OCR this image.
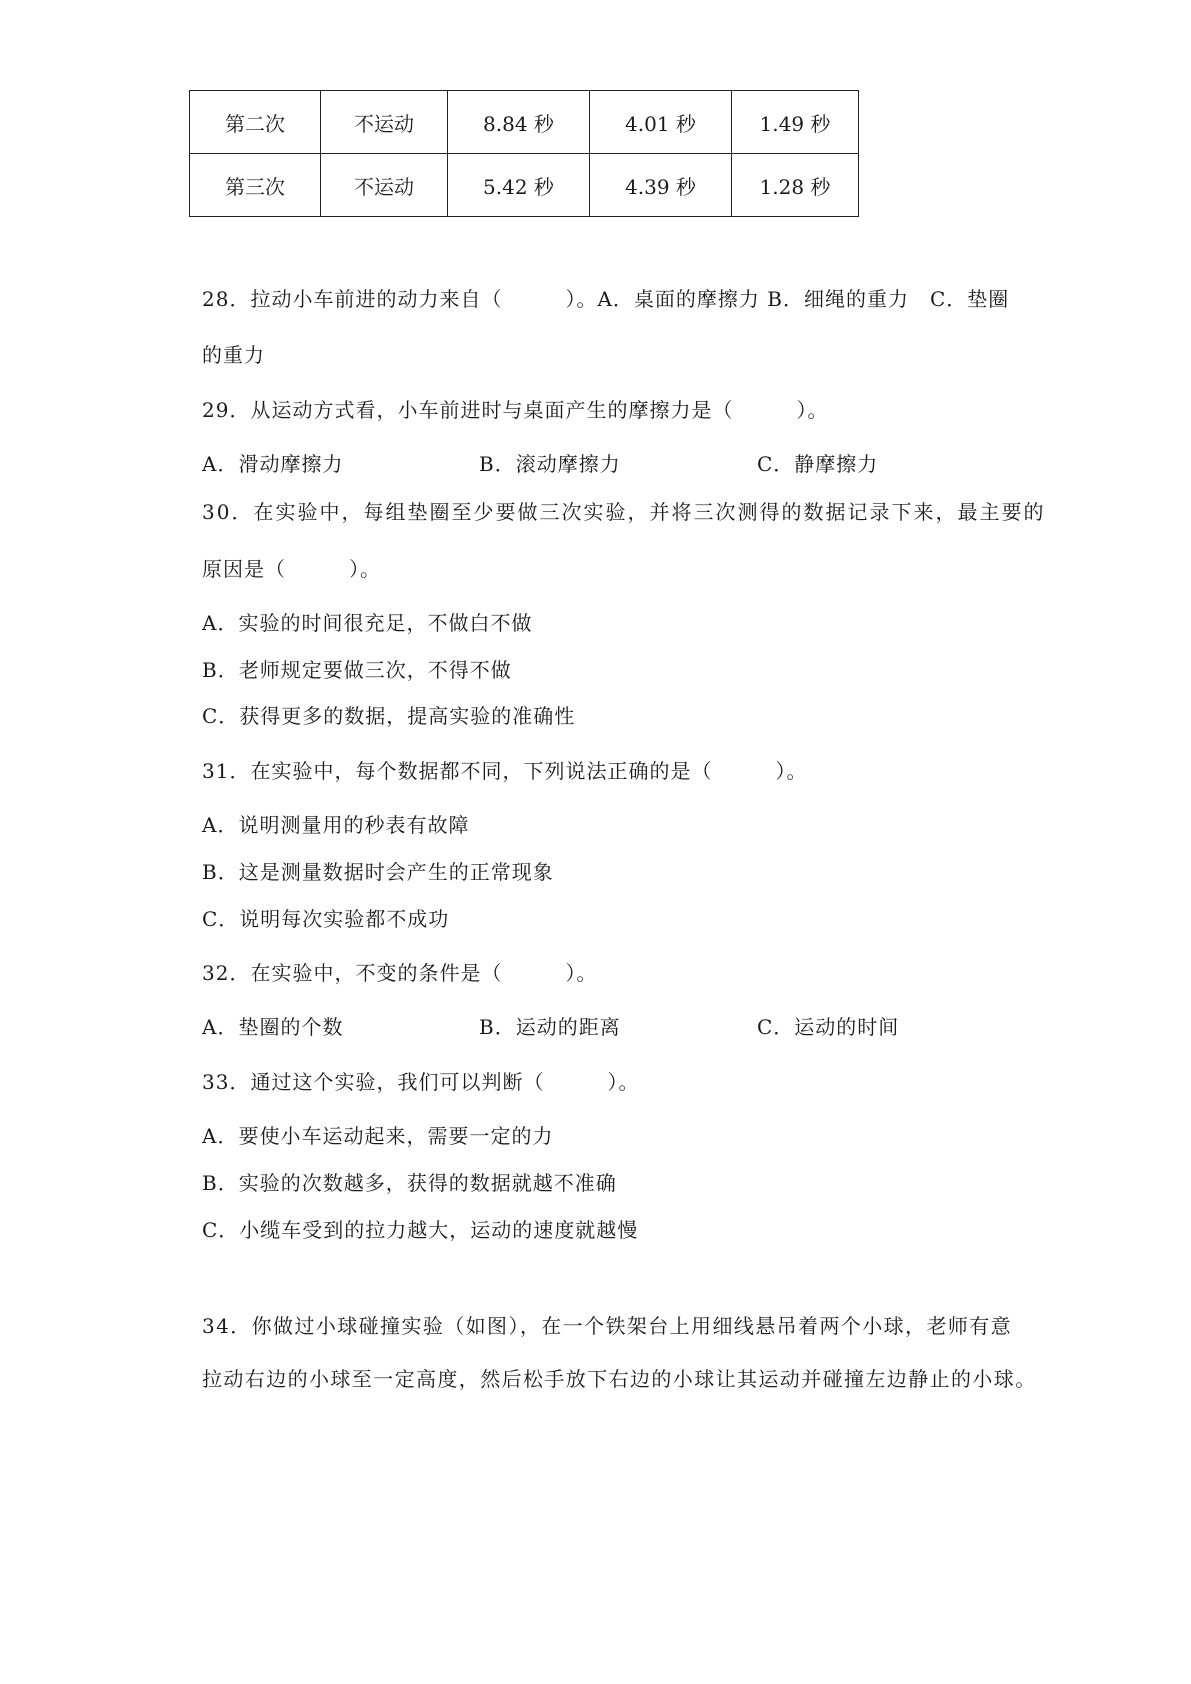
第二次	不运动	8.84 秒	4.01 秒	1.49 秒
第三次	不运动	5.42 秒	4.39 秒	1.28 秒
28．拉动小车前进的动力来自（　　　）。A．桌面的摩擦力 B．细绳的重力　C．垫圈
的重力
29．从运动方式看，小车前进时与桌面产生的摩擦力是（　　　）。
A．滑动摩擦力	B．滚动摩擦力	C．静摩擦力
30．在实验中，每组垫圈至少要做三次实验，并将三次测得的数据记录下来，最主要的
原因是（　　　）。
A．实验的时间很充足，不做白不做
B．老师规定要做三次，不得不做
C．获得更多的数据，提高实验的准确性
31．在实验中，每个数据都不同，下列说法正确的是（　　　）。
A．说明测量用的秒表有故障
B．这是测量数据时会产生的正常现象
C．说明每次实验都不成功
32．在实验中，不变的条件是（　　　）。
A．垫圈的个数	B．运动的距离	C．运动的时间
33．通过这个实验，我们可以判断（　　　）。
A．要使小车运动起来，需要一定的力
B．实验的次数越多，获得的数据就越不准确
C．小缆车受到的拉力越大，运动的速度就越慢
34．你做过小球碰撞实验（如图），在一个铁架台上用细线悬吊着两个小球，老师有意
拉动右边的小球至一定高度，然后松手放下右边的小球让其运动并碰撞左边静止的小球。
